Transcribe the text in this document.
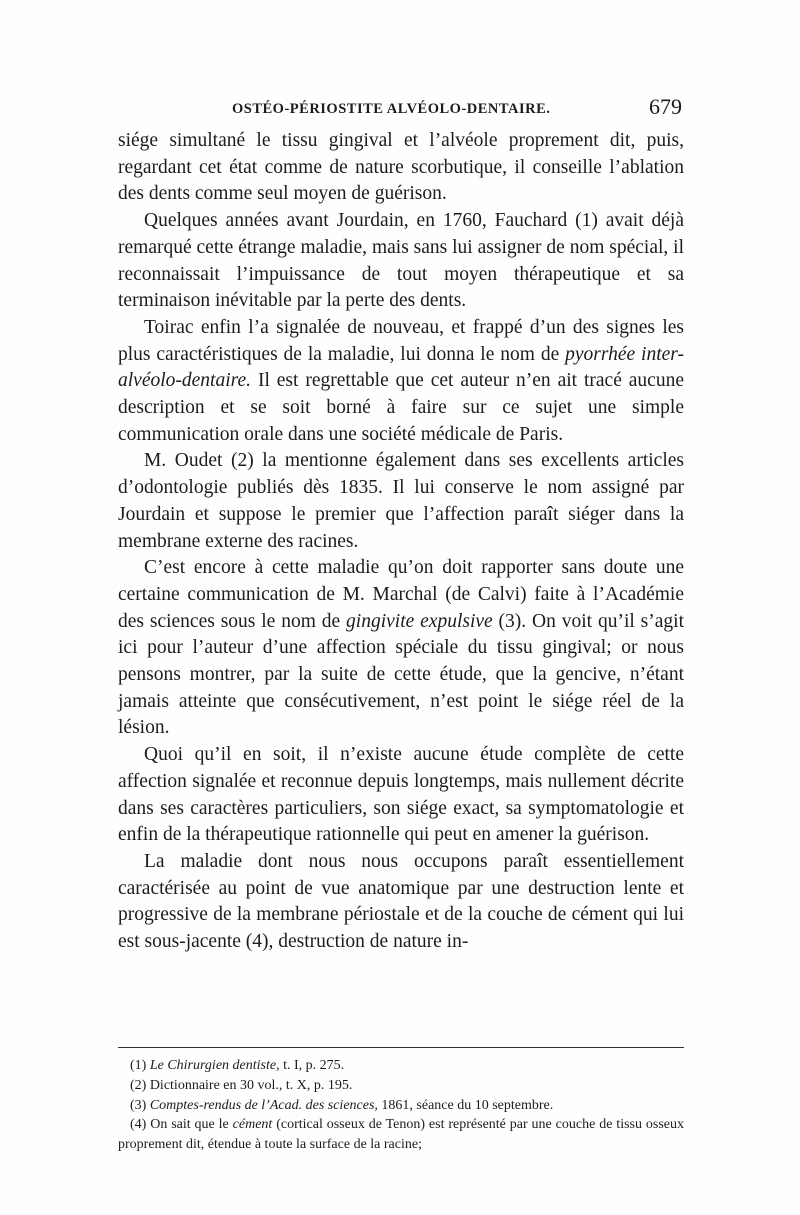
OSTÉO-PÉRIOSTITE ALVÉOLO-DENTAIRE.	679

siége simultané le tissu gingival et l’alvéole proprement dit, puis, regardant cet état comme de nature scorbutique, il conseille l’ablation des dents comme seul moyen de guérison.

Quelques années avant Jourdain, en 1760, Fauchard (1) avait déjà remarqué cette étrange maladie, mais sans lui assigner de nom spécial, il reconnaissait l’impuissance de tout moyen thérapeutique et sa terminaison inévitable par la perte des dents.

Toirac enfin l’a signalée de nouveau, et frappé d’un des signes les plus caractéristiques de la maladie, lui donna le nom de pyorrhée inter-alvéolo-dentaire. Il est regrettable que cet auteur n’en ait tracé aucune description et se soit borné à faire sur ce sujet une simple communication orale dans une société médicale de Paris.

M. Oudet (2) la mentionne également dans ses excellents articles d’odontologie publiés dès 1835. Il lui conserve le nom assigné par Jourdain et suppose le premier que l’affection paraît siéger dans la membrane externe des racines.

C’est encore à cette maladie qu’on doit rapporter sans doute une certaine communication de M. Marchal (de Calvi) faite à l’Académie des sciences sous le nom de gingivite expulsive (3). On voit qu’il s’agit ici pour l’auteur d’une affection spéciale du tissu gingival; or nous pensons montrer, par la suite de cette étude, que la gencive, n’étant jamais atteinte que consécutivement, n’est point le siége réel de la lésion.

Quoi qu’il en soit, il n’existe aucune étude complète de cette affection signalée et reconnue depuis longtemps, mais nullement décrite dans ses caractères particuliers, son siége exact, sa symptomatologie et enfin de la thérapeutique rationnelle qui peut en amener la guérison.

La maladie dont nous nous occupons paraît essentiellement caractérisée au point de vue anatomique par une destruction lente et progressive de la membrane périostale et de la couche de cément qui lui est sous-jacente (4), destruction de nature in-

(1) Le Chirurgien dentiste, t. I, p. 275.

(2) Dictionnaire en 30 vol., t. X, p. 195.

(3) Comptes-rendus de l’Acad. des sciences, 1861, séance du 10 septembre.

(4) On sait que le cément (cortical osseux de Tenon) est représenté par une couche de tissu osseux proprement dit, étendue à toute la surface de la racine;
